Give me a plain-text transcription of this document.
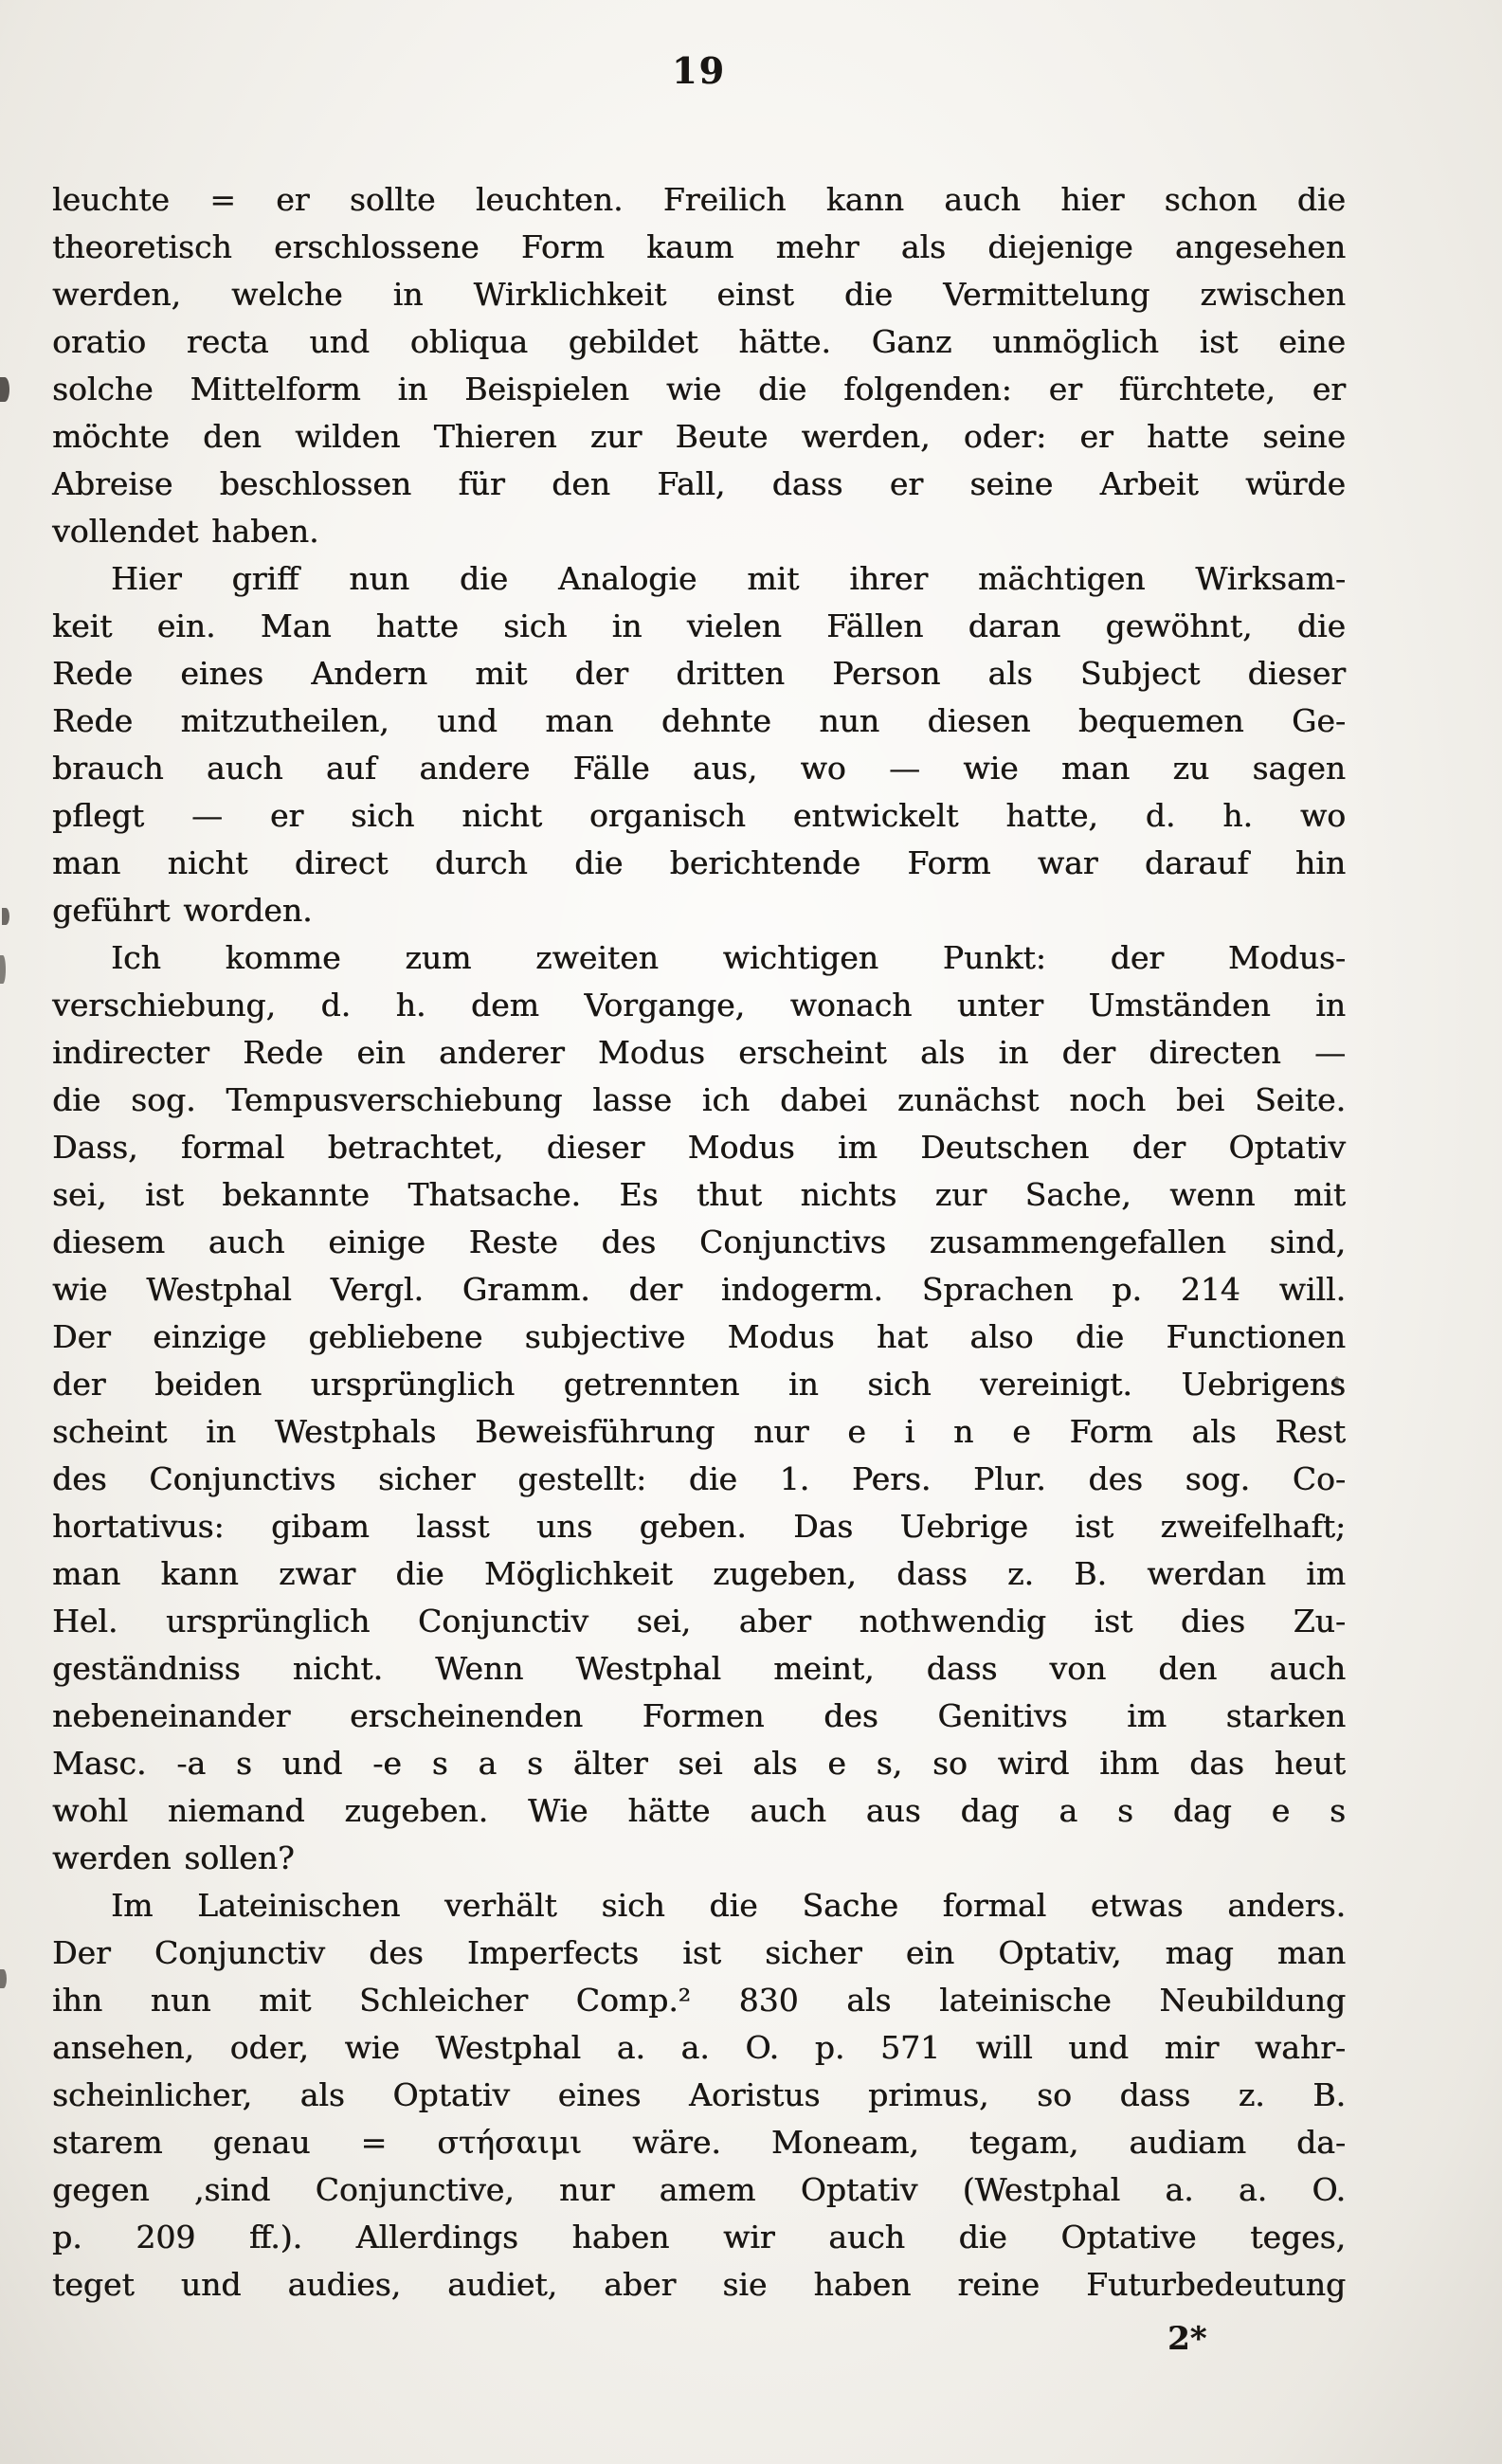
19
leuchte = er sollte leuchten. Freilich kann auch hier schon die
theoretisch erschlossene Form kaum mehr als diejenige angesehen
werden, welche in Wirklichkeit einst die Vermittelung zwischen
oratio recta und obliqua gebildet hätte. Ganz unmöglich ist eine
solche Mittelform in Beispielen wie die folgenden: er fürchtete, er
möchte den wilden Thieren zur Beute werden, oder: er hatte seine
Abreise beschlossen für den Fall, dass er seine Arbeit würde
vollendet haben.
Hier griff nun die Analogie mit ihrer mächtigen Wirksam-
keit ein. Man hatte sich in vielen Fällen daran gewöhnt, die
Rede eines Andern mit der dritten Person als Subject dieser
Rede mitzutheilen, und man dehnte nun diesen bequemen Ge-
brauch auch auf andere Fälle aus, wo — wie man zu sagen
pflegt — er sich nicht organisch entwickelt hatte, d. h. wo
man nicht direct durch die berichtende Form war darauf hin
geführt worden.
Ich komme zum zweiten wichtigen Punkt: der Modus-
verschiebung, d. h. dem Vorgange, wonach unter Umständen in
indirecter Rede ein anderer Modus erscheint als in der directen —
die sog. Tempusverschiebung lasse ich dabei zunächst noch bei Seite.
Dass, formal betrachtet, dieser Modus im Deutschen der Optativ
sei, ist bekannte Thatsache. Es thut nichts zur Sache, wenn mit
diesem auch einige Reste des Conjunctivs zusammengefallen sind,
wie Westphal Vergl. Gramm. der indogerm. Sprachen p. 214 will.
Der einzige gebliebene subjective Modus hat also die Functionen
der beiden ursprünglich getrennten in sich vereinigt. Uebrigens
scheint in Westphals Beweisführung nur e i n e Form als Rest
des Conjunctivs sicher gestellt: die 1. Pers. Plur. des sog. Co-
hortativus: gibam lasst uns geben. Das Uebrige ist zweifelhaft;
man kann zwar die Möglichkeit zugeben, dass z. B. werdan im
Hel. ursprünglich Conjunctiv sei, aber nothwendig ist dies Zu-
geständniss nicht. Wenn Westphal meint, dass von den auch
nebeneinander erscheinenden Formen des Genitivs im starken
Masc. -a s und -e s a s älter sei als e s, so wird ihm das heut
wohl niemand zugeben. Wie hätte auch aus dag a s dag e s
werden sollen?
Im Lateinischen verhält sich die Sache formal etwas anders.
Der Conjunctiv des Imperfects ist sicher ein Optativ, mag man
ihn nun mit Schleicher Comp.² 830 als lateinische Neubildung
ansehen, oder, wie Westphal a. a. O. p. 571 will und mir wahr-
scheinlicher, als Optativ eines Aoristus primus, so dass z. B.
starem genau = στήσαιμι wäre. Moneam, tegam, audiam da-
gegen ,sind Conjunctive, nur amem Optativ (Westphal a. a. O.
p. 209 ff.). Allerdings haben wir auch die Optative teges,
teget und audies, audiet, aber sie haben reine Futurbedeutung
2*
